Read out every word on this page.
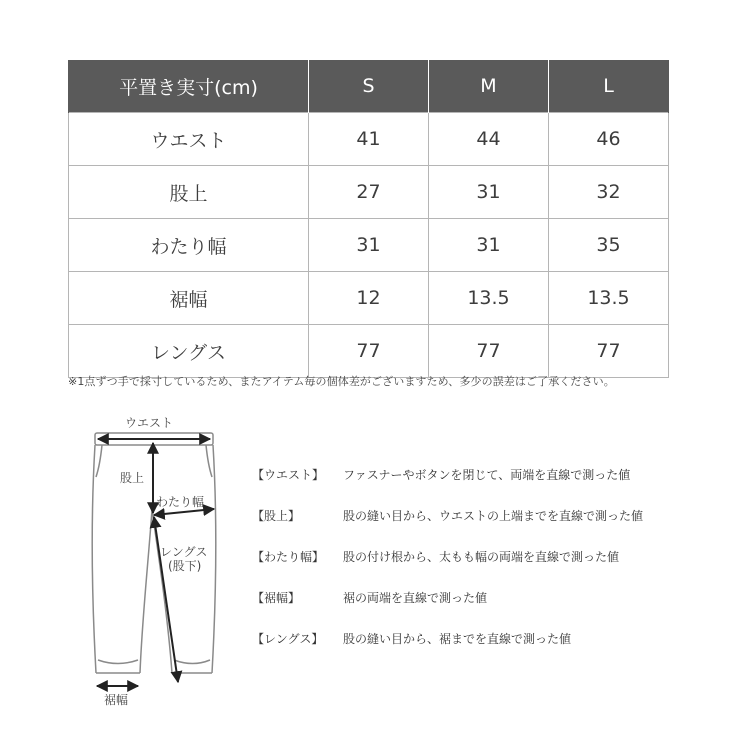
平置き実寸(cm)	S	M	L
ウエスト	41	44	46
股上	27	31	32
わたり幅	31	31	35
裾幅	12	13.5	13.5
レングス	77	77	77
※1点ずつ手で採寸しているため、またアイテム毎の個体差がございますため、多少の誤差はご了承ください。
ウエスト
股上
わたり幅
レングス
(股下)
裾幅
【ウエスト】 ファスナーやボタンを閉じて、両端を直線で測った値
【股上】	股の縫い目から、ウエストの上端までを直線で測った値
【わたり幅】 股の付け根から、太もも幅の両端を直線で測った値
【裾幅】	裾の両端を直線で測った値
【レングス】 股の縫い目から、裾までを直線で測った値
